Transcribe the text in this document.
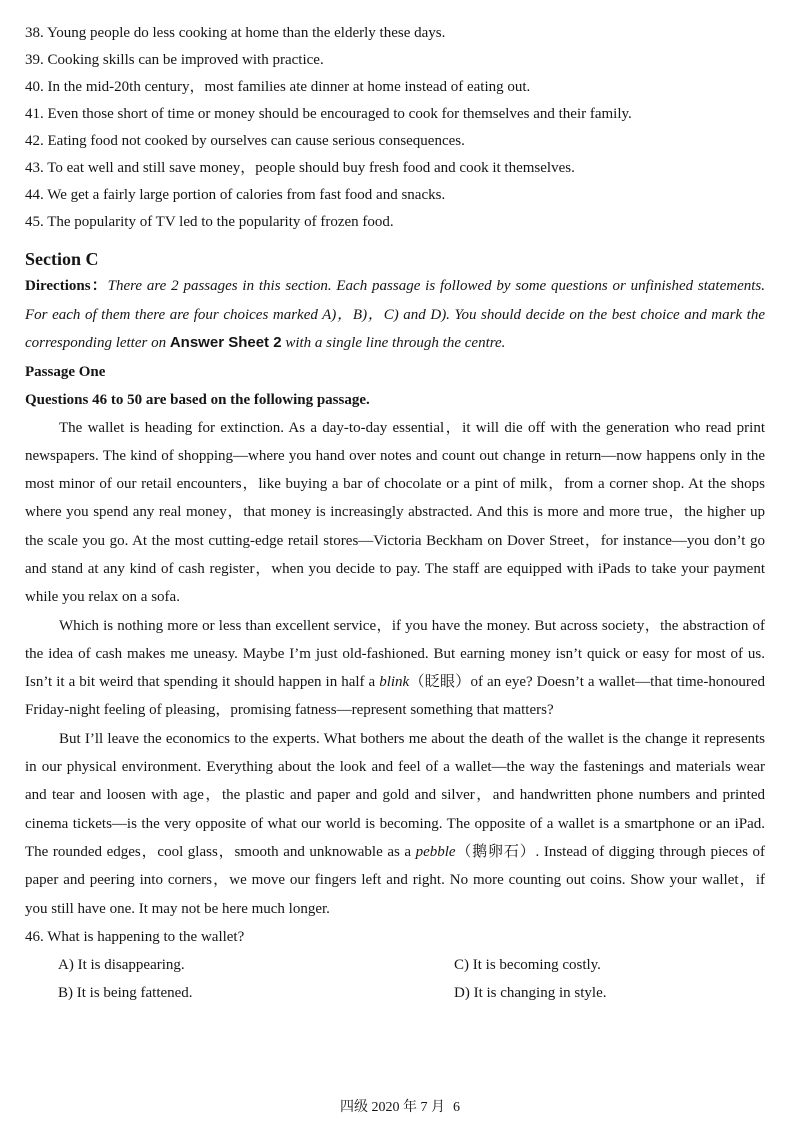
38. Young people do less cooking at home than the elderly these days.
39. Cooking skills can be improved with practice.
40. In the mid-20th century，most families ate dinner at home instead of eating out.
41. Even those short of time or money should be encouraged to cook for themselves and their family.
42. Eating food not cooked by ourselves can cause serious consequences.
43. To eat well and still save money，people should buy fresh food and cook it themselves.
44. We get a fairly large portion of calories from fast food and snacks.
45. The popularity of TV led to the popularity of frozen food.
Section C
Directions：There are 2 passages in this section. Each passage is followed by some questions or unfinished statements. For each of them there are four choices marked A)，B)，C) and D). You should decide on the best choice and mark the corresponding letter on Answer Sheet 2 with a single line through the centre.
Passage One
Questions 46 to 50 are based on the following passage.

The wallet is heading for extinction. As a day-to-day essential，it will die off with the generation who read print newspapers. The kind of shopping—where you hand over notes and count out change in return—now happens only in the most minor of our retail encounters，like buying a bar of chocolate or a pint of milk，from a corner shop. At the shops where you spend any real money，that money is increasingly abstracted. And this is more and more true，the higher up the scale you go. At the most cutting-edge retail stores—Victoria Beckham on Dover Street，for instance—you don’t go and stand at any kind of cash register，when you decide to pay. The staff are equipped with iPads to take your payment while you relax on a sofa.

Which is nothing more or less than excellent service，if you have the money. But across society，the abstraction of the idea of cash makes me uneasy. Maybe I’m just old-fashioned. But earning money isn’t quick or easy for most of us. Isn’t it a bit weird that spending it should happen in half a blink（眨眼）of an eye? Doesn’t a wallet—that time-honoured Friday-night feeling of pleasing，promising fatness—represent something that matters?

But I’ll leave the economics to the experts. What bothers me about the death of the wallet is the change it represents in our physical environment. Everything about the look and feel of a wallet—the way the fastenings and materials wear and tear and loosen with age，the plastic and paper and gold and silver，and handwritten phone numbers and printed cinema tickets—is the very opposite of what our world is becoming. The opposite of a wallet is a smartphone or an iPad. The rounded edges，cool glass，smooth and unknowable as a pebble（鹅卵石）. Instead of digging through pieces of paper and peering into corners，we move our fingers left and right. No more counting out coins. Show your wallet，if you still have one. It may not be here much longer.

46. What is happening to the wallet?
A) It is disappearing.	C) It is becoming costly.
B) It is being fattened.	D) It is changing in style.
四级 2020 年 7 月 6
